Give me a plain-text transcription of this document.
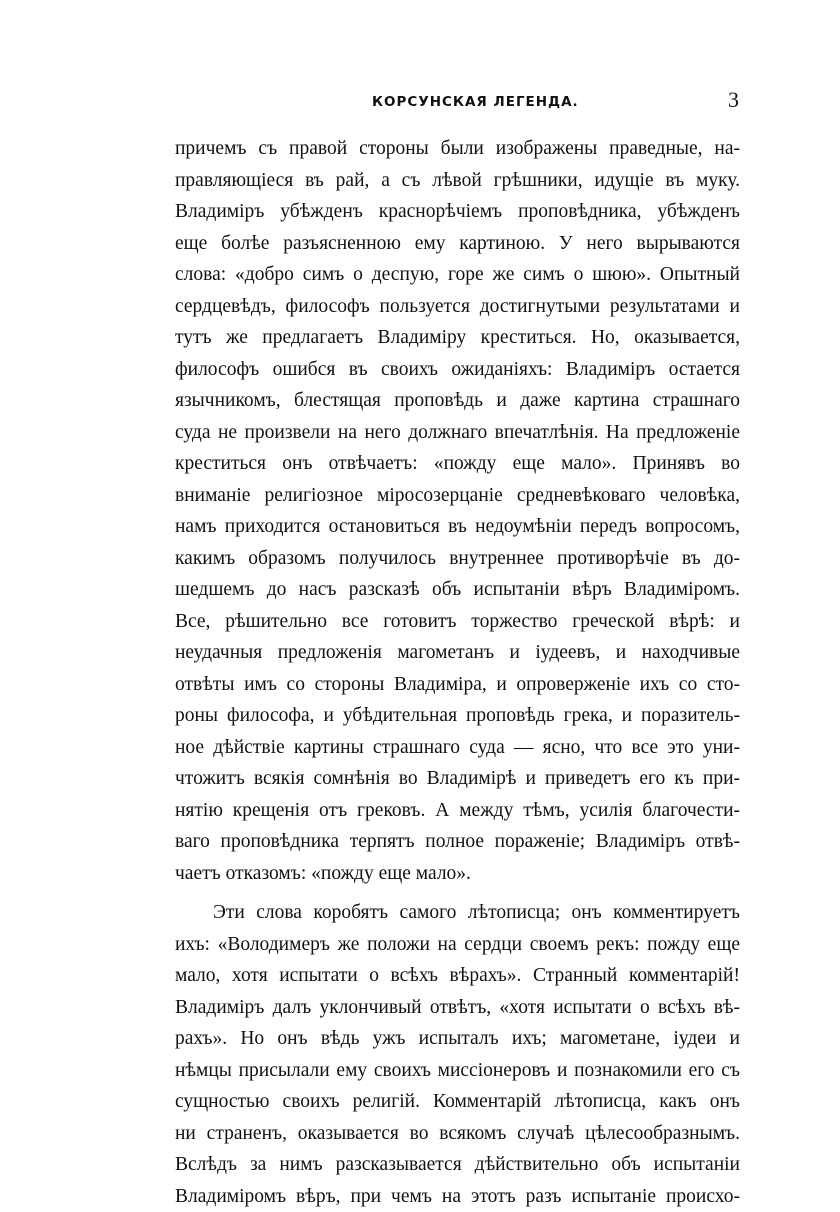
КОРСУНСКАЯ ЛЕГЕНДА.	3

причемъ съ правой стороны были изображены праведные, на-
правляющіеся въ рай, а съ лѣвой грѣшники, идущіе въ муку.
Владиміръ убѣжденъ краснорѣчіемъ проповѣдника, убѣжденъ
еще болѣе разъясненною ему картиною. У него вырываются
слова: «добро симъ о деспую, горе же симъ о шюю». Опытный
сердцевѣдъ, философъ пользуется достигнутыми результатами и
тутъ же предлагаетъ Владиміру креститься. Но, оказывается,
философъ ошибся въ своихъ ожиданіяхъ: Владиміръ остается
язычникомъ, блестящая проповѣдь и даже картина страшнаго
суда не произвели на него должнаго впечатлѣнія. На предложеніе
креститься онъ отвѣчаетъ: «пожду еще мало». Принявъ во
вниманіе религіозное міросозерцаніе средневѣковаго человѣка,
намъ приходится остановиться въ недоумѣніи передъ вопросомъ,
какимъ образомъ получилось внутреннее противорѣчіе въ до-
шедшемъ до насъ разсказѣ объ испытаніи вѣръ Владиміромъ.
Все, рѣшительно все готовитъ торжество греческой вѣрѣ: и
неудачныя предложенія магометанъ и іудеевъ, и находчивые
отвѣты имъ со стороны Владиміра, и опроверженіе ихъ со сто-
роны философа, и убѣдительная проповѣдь грека, и поразитель-
ное дѣйствіе картины страшнаго суда — ясно, что все это уни-
чтожитъ всякія сомнѣнія во Владимірѣ и приведетъ его къ при-
нятію крещенія отъ грековъ. А между тѣмъ, усилія благочести-
ваго проповѣдника терпятъ полное пораженіе; Владиміръ отвѣ-
чаетъ отказомъ: «пожду еще мало».

Эти слова коробятъ самого лѣтописца; онъ комментируетъ
ихъ: «Володимеръ же положи на сердци своемъ рекъ: пожду еще
мало, хотя испытати о всѣхъ вѣрахъ». Странный комментарій!
Владиміръ далъ уклончивый отвѣтъ, «хотя испытати о всѣхъ вѣ-
рахъ». Но онъ вѣдь ужъ испыталъ ихъ; магометане, іудеи и
нѣмцы присылали ему своихъ миссіонеровъ и познакомили его съ
сущностью своихъ религій. Комментарій лѣтописца, какъ онъ
ни страненъ, оказывается во всякомъ случаѣ цѣлесообразнымъ.
Вслѣдъ за нимъ разсказывается дѣйствительно объ испытаніи
Владиміромъ вѣръ, при чемъ на этотъ разъ испытаніе происхо-
